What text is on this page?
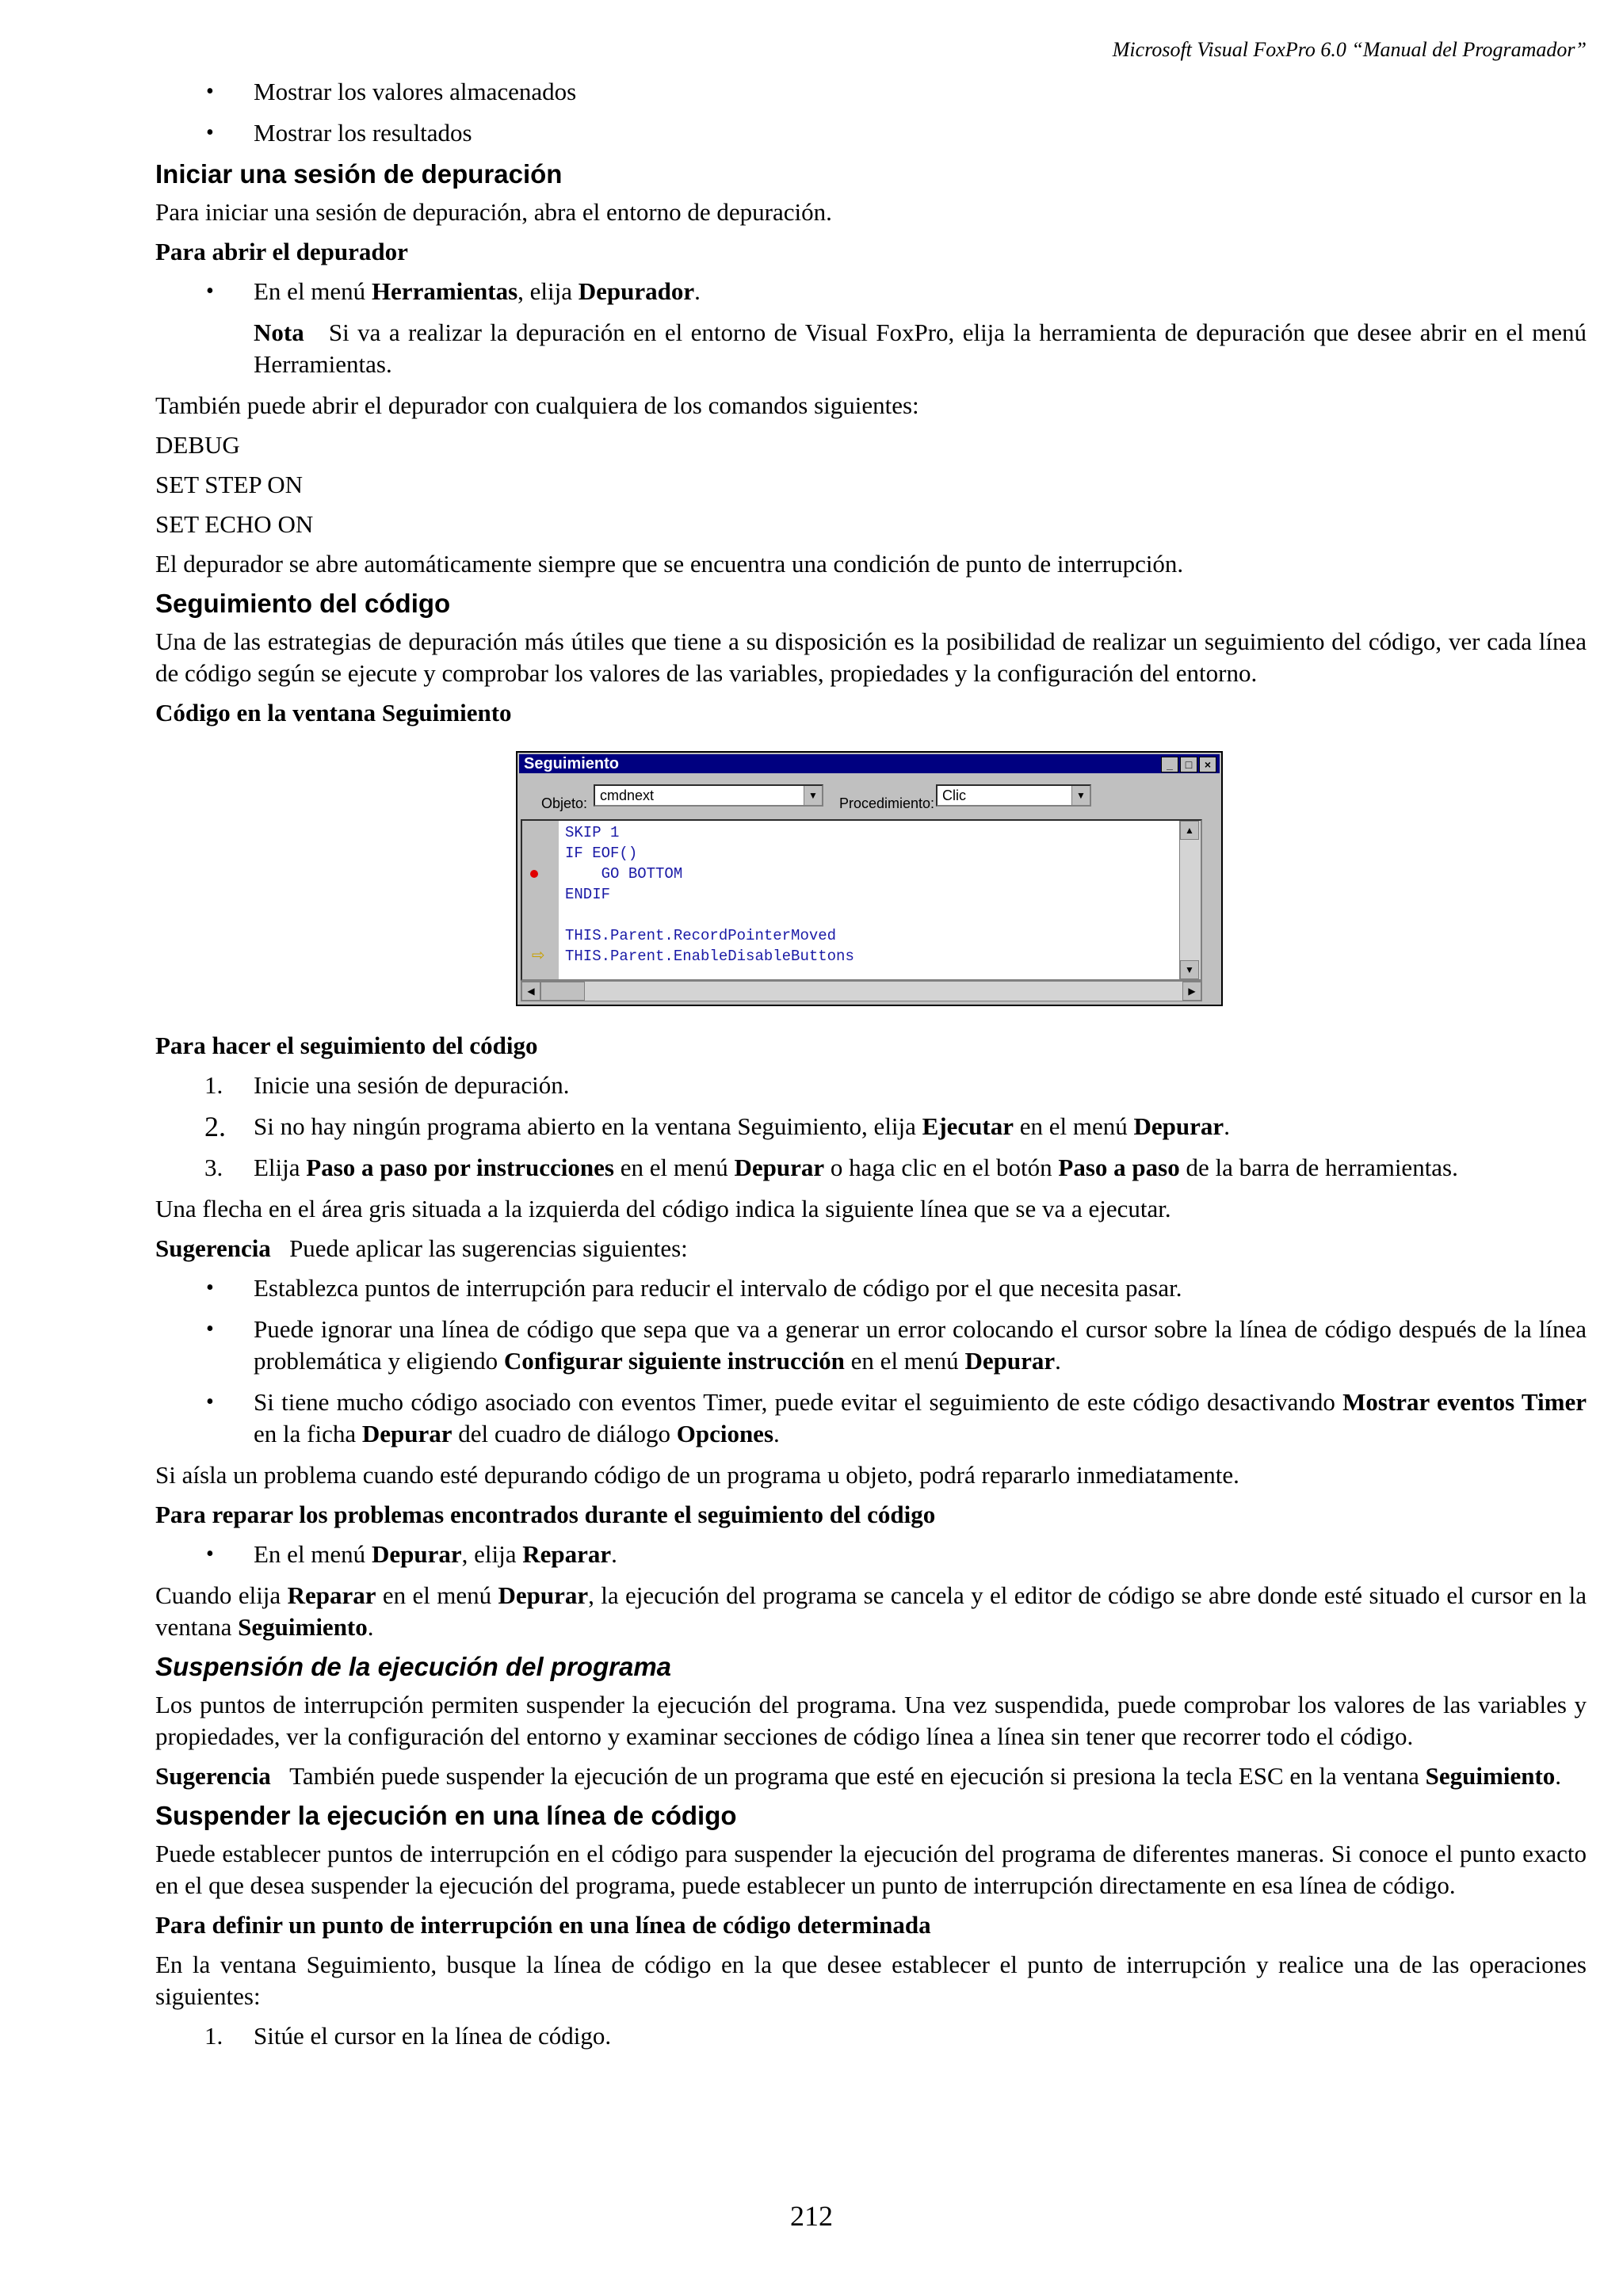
Microsoft Visual FoxPro 6.0 “Manual del Programador”
• Mostrar los valores almacenados
• Mostrar los resultados
Iniciar una sesión de depuración

Para iniciar una sesión de depuración, abra el entorno de depuración.

Para abrir el depurador

• En el menú Herramientas, elija Depurador.
Nota Si va a realizar la depuración en el entorno de Visual FoxPro, elija la herramienta de depuración que desee abrir en el menú Herramientas.

También puede abrir el depurador con cualquiera de los comandos siguientes:

DEBUG
SET STEP ON
SET ECHO ON

El depurador se abre automáticamente siempre que se encuentra una condición de punto de interrupción.

Seguimiento del código

Una de las estrategias de depuración más útiles que tiene a su disposición es la posibilidad de realizar un seguimiento del código, ver cada línea de código según se ejecute y comprobar los valores de las variables, propiedades y la configuración del entorno.

Código en la ventana Seguimiento

Seguimiento	_	□	×
Objeto: cmdnext	▼ Procedimiento: Clic	▼
⇨
SKIP 1
IF EOF()
GO BOTTOM
ENDIF
THIS.Parent.RecordPointerMoved
THIS.Parent.EnableDisableButtons
▲
▼
◀	▶

Para hacer el seguimiento del código

1. Inicie una sesión de depuración.
2. Si no hay ningún programa abierto en la ventana Seguimiento, elija Ejecutar en el menú Depurar.
3. Elija Paso a paso por instrucciones en el menú Depurar o haga clic en el botón Paso a paso de la barra de herramientas.

Una flecha en el área gris situada a la izquierda del código indica la siguiente línea que se va a ejecutar.

Sugerencia Puede aplicar las sugerencias siguientes:

• Establezca puntos de interrupción para reducir el intervalo de código por el que necesita pasar.
• Puede ignorar una línea de código que sepa que va a generar un error colocando el cursor sobre la línea de código después de la línea problemática y eligiendo Configurar siguiente instrucción en el menú Depurar.
• Si tiene mucho código asociado con eventos Timer, puede evitar el seguimiento de este código desactivando Mostrar eventos Timer en la ficha Depurar del cuadro de diálogo Opciones.

Si aísla un problema cuando esté depurando código de un programa u objeto, podrá repararlo inmediatamente.

Para reparar los problemas encontrados durante el seguimiento del código

• En el menú Depurar, elija Reparar.

Cuando elija Reparar en el menú Depurar, la ejecución del programa se cancela y el editor de código se abre donde esté situado el cursor en la ventana Seguimiento.

Suspensión de la ejecución del programa

Los puntos de interrupción permiten suspender la ejecución del programa. Una vez suspendida, puede comprobar los valores de las variables y propiedades, ver la configuración del entorno y examinar secciones de código línea a línea sin tener que recorrer todo el código.

Sugerencia También puede suspender la ejecución de un programa que esté en ejecución si presiona la tecla ESC en la ventana Seguimiento.

Suspender la ejecución en una línea de código

Puede establecer puntos de interrupción en el código para suspender la ejecución del programa de diferentes maneras. Si conoce el punto exacto en el que desea suspender la ejecución del programa, puede establecer un punto de interrupción directamente en esa línea de código.

Para definir un punto de interrupción en una línea de código determinada

En la ventana Seguimiento, busque la línea de código en la que desee establecer el punto de interrupción y realice una de las operaciones siguientes:

1. Sitúe el cursor en la línea de código.
212
